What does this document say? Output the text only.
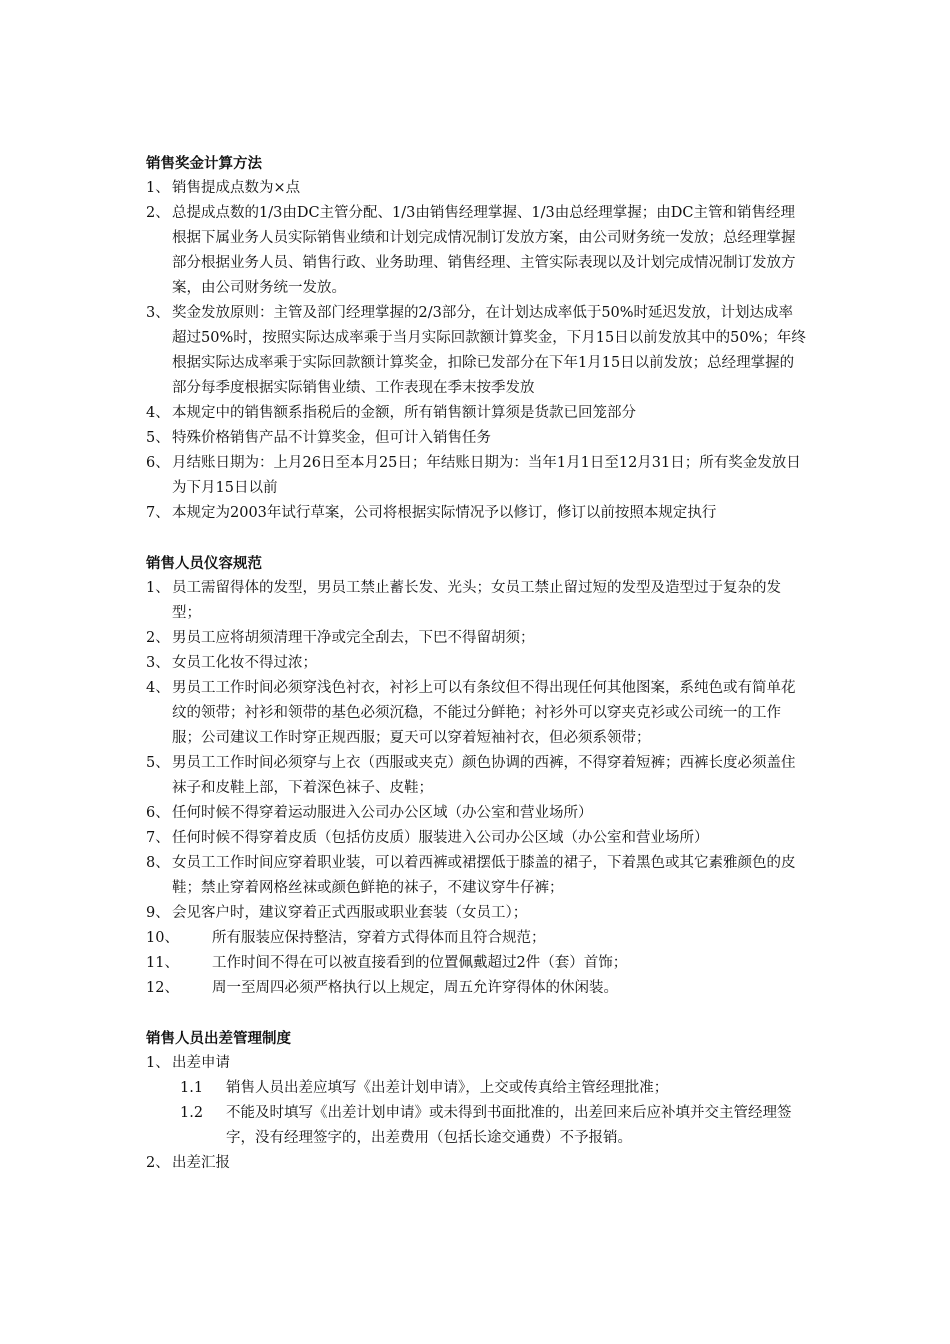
销售奖金计算方法
1、 销售提成点数为×点
2、 总提成点数的1/3由DC主管分配、1/3由销售经理掌握、1/3由总经理掌握；由DC主管和销售经理根据下属业务人员实际销售业绩和计划完成情况制订发放方案，由公司财务统一发放；总经理掌握部分根据业务人员、销售行政、业务助理、销售经理、主管实际表现以及计划完成情况制订发放方案，由公司财务统一发放。
3、 奖金发放原则：主管及部门经理掌握的2/3部分，在计划达成率低于50%时延迟发放，计划达成率超过50%时，按照实际达成率乘于当月实际回款额计算奖金，下月15日以前发放其中的50%；年终根据实际达成率乘于实际回款额计算奖金，扣除已发部分在下年1月15日以前发放；总经理掌握的部分每季度根据实际销售业绩、工作表现在季末按季发放
4、 本规定中的销售额系指税后的金额，所有销售额计算须是货款已回笼部分
5、 特殊价格销售产品不计算奖金，但可计入销售任务
6、 月结账日期为：上月26日至本月25日；年结账日期为：当年1月1日至12月31日；所有奖金发放日为下月15日以前
7、 本规定为2003年试行草案，公司将根据实际情况予以修订，修订以前按照本规定执行
销售人员仪容规范
1、 员工需留得体的发型，男员工禁止蓄长发、光头；女员工禁止留过短的发型及造型过于复杂的发型；
2、 男员工应将胡须清理干净或完全刮去，下巴不得留胡须；
3、 女员工化妆不得过浓；
4、 男员工工作时间必须穿浅色衬衣，衬衫上可以有条纹但不得出现任何其他图案，系纯色或有简单花纹的领带；衬衫和领带的基色必须沉稳，不能过分鲜艳；衬衫外可以穿夹克衫或公司统一的工作服；公司建议工作时穿正规西服；夏天可以穿着短袖衬衣，但必须系领带；
5、 男员工工作时间必须穿与上衣（西服或夹克）颜色协调的西裤，不得穿着短裤；西裤长度必须盖住袜子和皮鞋上部，下着深色袜子、皮鞋；
6、 任何时候不得穿着运动服进入公司办公区域（办公室和营业场所）
7、 任何时候不得穿着皮质（包括仿皮质）服装进入公司办公区域（办公室和营业场所）
8、 女员工工作时间应穿着职业装，可以着西裤或裙摆低于膝盖的裙子，下着黑色或其它素雅颜色的皮鞋；禁止穿着网格丝袜或颜色鲜艳的袜子，不建议穿牛仔裤；
9、 会见客户时，建议穿着正式西服或职业套装（女员工）；
10、 所有服装应保持整洁，穿着方式得体而且符合规范；
11、 工作时间不得在可以被直接看到的位置佩戴超过2件（套）首饰；
12、 周一至周四必须严格执行以上规定，周五允许穿得体的休闲装。
销售人员出差管理制度
1、 出差申请
1.1 销售人员出差应填写《出差计划申请》，上交或传真给主管经理批准；
1.2 不能及时填写《出差计划申请》或未得到书面批准的，出差回来后应补填并交主管经理签字，没有经理签字的，出差费用（包括长途交通费）不予报销。
2、 出差汇报
